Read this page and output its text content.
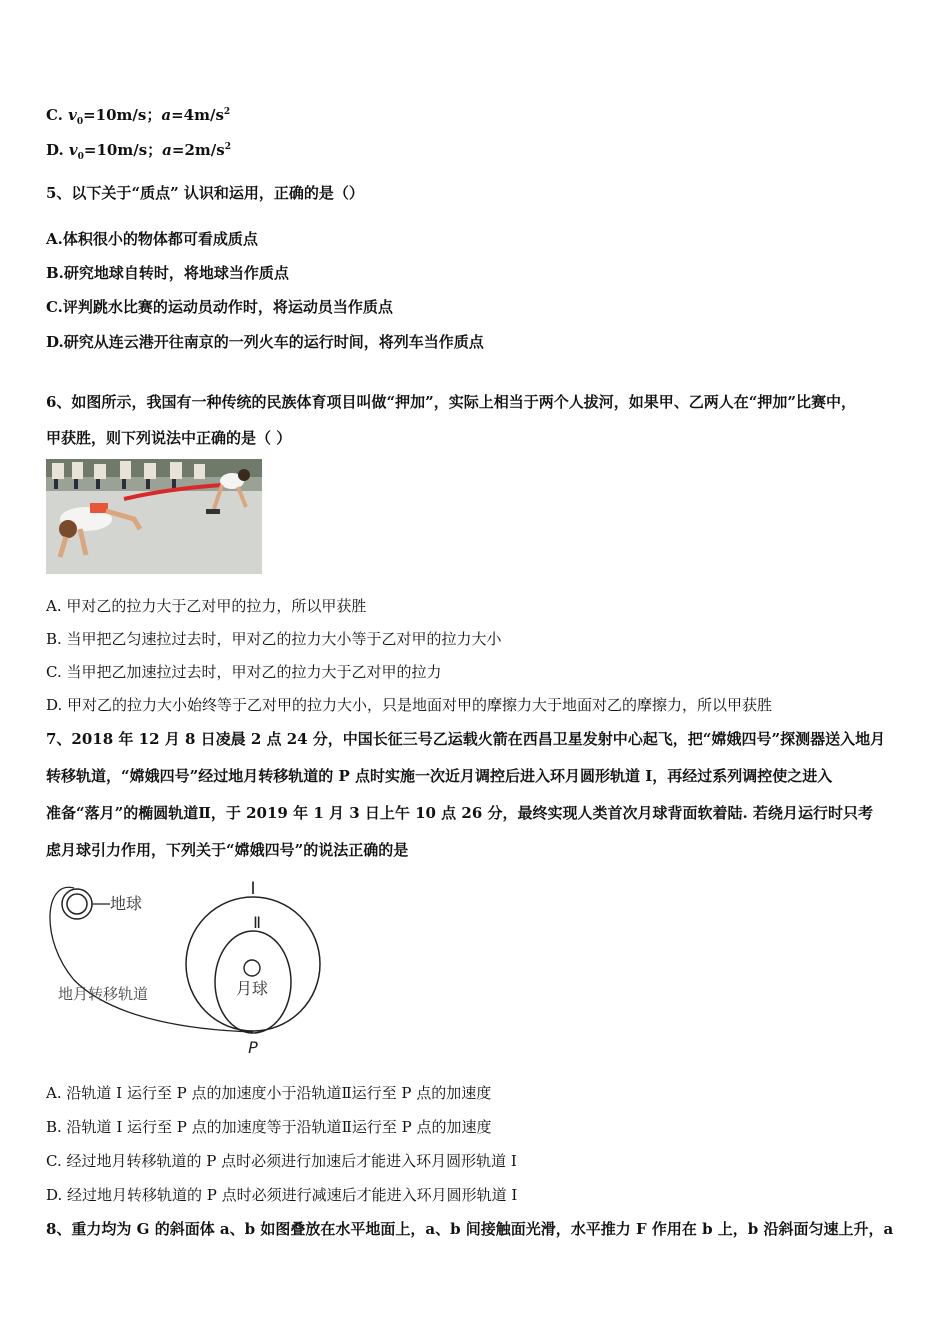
C. $v_0=10m/s$；$a=4m/s^2$
D. $v_0=10m/s$；$a=2m/s^2$
5、以下关于“质点” 认识和运用，正确的是（）
A.体积很小的物体都可看成质点
B.研究地球自转时，将地球当作质点
C.评判跳水比赛的运动员动作时，将运动员当作质点
D.研究从连云港开往南京的一列火车的运行时间，将列车当作质点
6、如图所示，我国有一种传统的民族体育项目叫做“押加”，实际上相当于两个人拔河，如果甲、乙两人在“押加”比赛中，
甲获胜，则下列说法中正确的是（ ）
A. 甲对乙的拉力大于乙对甲的拉力，所以甲获胜
B. 当甲把乙匀速拉过去时，甲对乙的拉力大小等于乙对甲的拉力大小
C. 当甲把乙加速拉过去时，甲对乙的拉力大于乙对甲的拉力
D. 甲对乙的拉力大小始终等于乙对甲的拉力大小，只是地面对甲的摩擦力大于地面对乙的摩擦力，所以甲获胜
7、2018 年 12 月 8 日凌晨 2 点 24 分，中国长征三号乙运载火箭在西昌卫星发射中心起飞，把“嫦娥四号”探测器送入地月
转移轨道，“嫦娥四号”经过地月转移轨道的 P 点时实施一次近月调控后进入环月圆形轨道 I，再经过系列调控使之进入
准备“落月”的椭圆轨道Ⅱ，于 2019 年 1 月 3 日上午 10 点 26 分，最终实现人类首次月球背面软着陆. 若绕月运行时只考
虑月球引力作用，下列关于“嫦娥四号”的说法正确的是
地球
地月转移轨道
I
Ⅱ
月球
P
A. 沿轨道 I 运行至 P 点的加速度小于沿轨道Ⅱ运行至 P 点的加速度
B. 沿轨道 I 运行至 P 点的加速度等于沿轨道Ⅱ运行至 P 点的加速度
C. 经过地月转移轨道的 P 点时必须进行加速后才能进入环月圆形轨道 I
D. 经过地月转移轨道的 P 点时必须进行减速后才能进入环月圆形轨道 I
8、重力均为 G 的斜面体 a、b 如图叠放在水平地面上，a、b 间接触面光滑，水平推力 F 作用在 b 上，b 沿斜面匀速上升，a
